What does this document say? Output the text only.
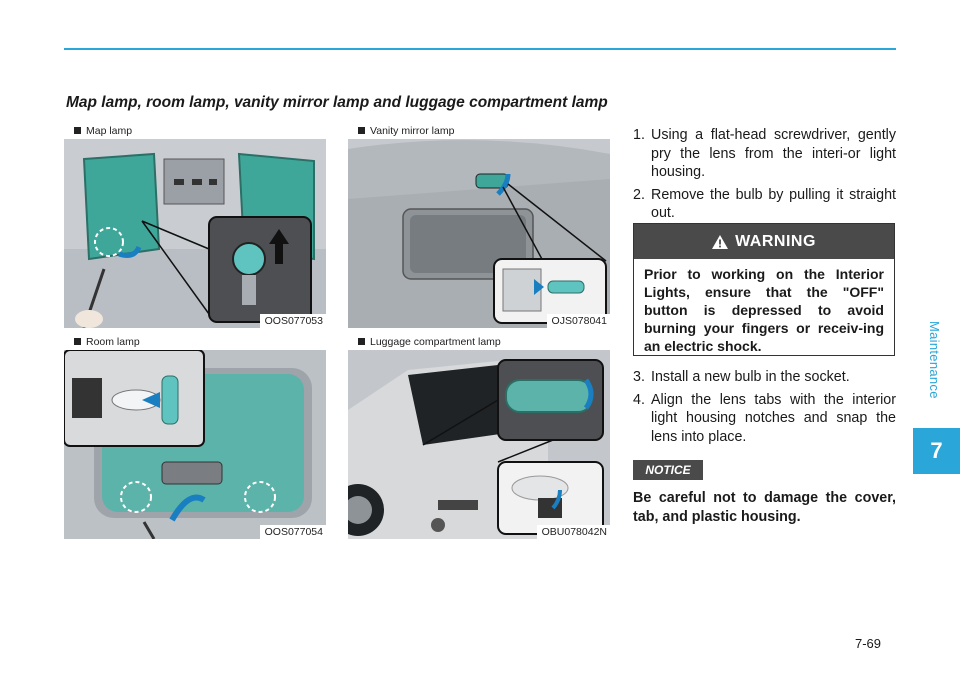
Maintenance
7
Map lamp, room lamp, vanity mirror lamp and luggage compartment lamp
Map lamp
OOS077053
Room lamp
OOS077054
Vanity mirror lamp
OJS078041
Luggage compartment lamp
OBU078042N
1. Using a flat-head screwdriver, gently pry the lens from the interi-or light housing.
2. Remove the bulb by pulling it straight out.
WARNING
Prior to working on the Interior Lights, ensure that the "OFF" button is depressed to avoid burning your fingers or receiv-ing an electric shock.
3. Install a new bulb in the socket.
4. Align the lens tabs with the interior light housing notches and snap the lens into place.
NOTICE
Be careful not to damage the cover, tab, and plastic housing.
7-69
